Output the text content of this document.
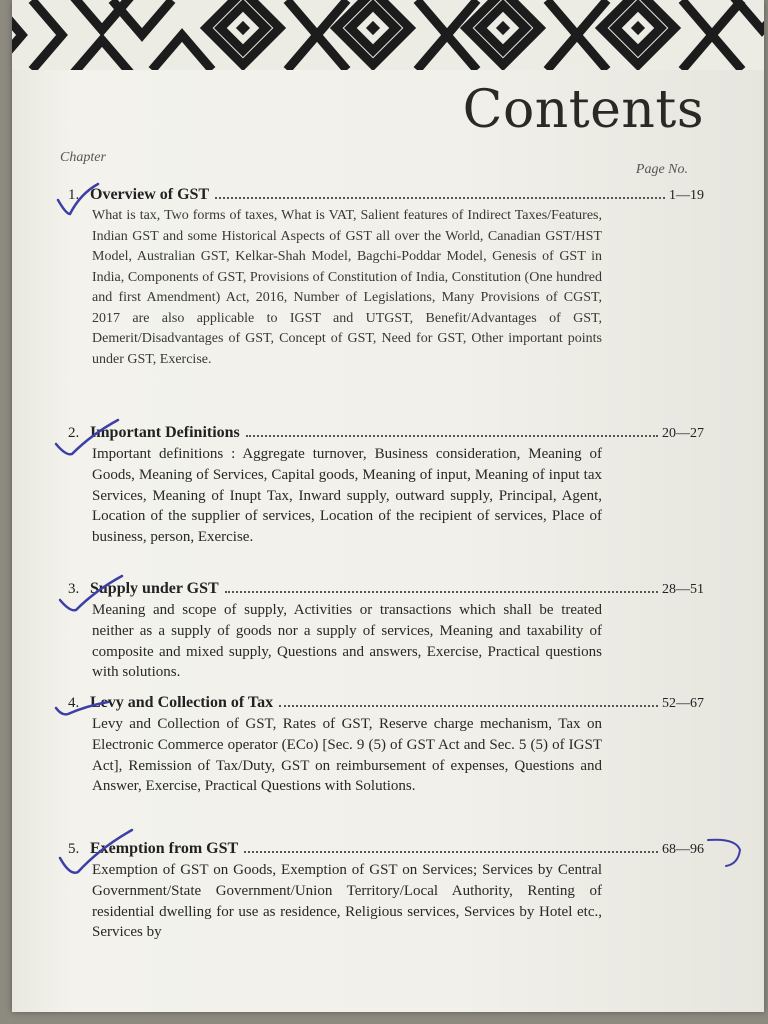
Contents
Chapter
Page No.
1. Overview of GST	1—19
What is tax, Two forms of taxes, What is VAT, Salient features of Indirect Taxes/Features, Indian GST and some Historical Aspects of GST all over the World, Canadian GST/HST Model, Australian GST, Kelkar-Shah Model, Bagchi-Poddar Model, Genesis of GST in India, Components of GST, Provisions of Constitution of India, Constitution (One hundred and first Amendment) Act, 2016, Number of Legislations, Many Provisions of CGST, 2017 are also applicable to IGST and UTGST, Benefit/Advantages of GST, Demerit/Disadvantages of GST, Concept of GST, Need for GST, Other important points under GST, Exercise.
2. Important Definitions	20—27
Important definitions : Aggregate turnover, Business consideration, Meaning of Goods, Meaning of Services, Capital goods, Meaning of input, Meaning of input tax Services, Meaning of Inupt Tax, Inward supply, outward supply, Principal, Agent, Location of the supplier of services, Location of the recipient of services, Place of business, person, Exercise.
3. Supply under GST	28—51
Meaning and scope of supply, Activities or transactions which shall be treated neither as a supply of goods nor a supply of services, Meaning and taxability of composite and mixed supply, Questions and answers, Exercise, Practical questions with solutions.
4. Levy and Collection of Tax	52—67
Levy and Collection of GST, Rates of GST, Reserve charge mechanism, Tax on Electronic Commerce operator (ECo) [Sec. 9 (5) of GST Act and Sec. 5 (5) of IGST Act], Remission of Tax/Duty, GST on reimbursement of expenses, Questions and Answer, Exercise, Practical Questions with Solutions.
5. Exemption from GST	68—96
Exemption of GST on Goods, Exemption of GST on Services; Services by Central Government/State Government/Union Territory/Local Authority, Renting of residential dwelling for use as residence, Religious services, Services by Hotel etc., Services by
